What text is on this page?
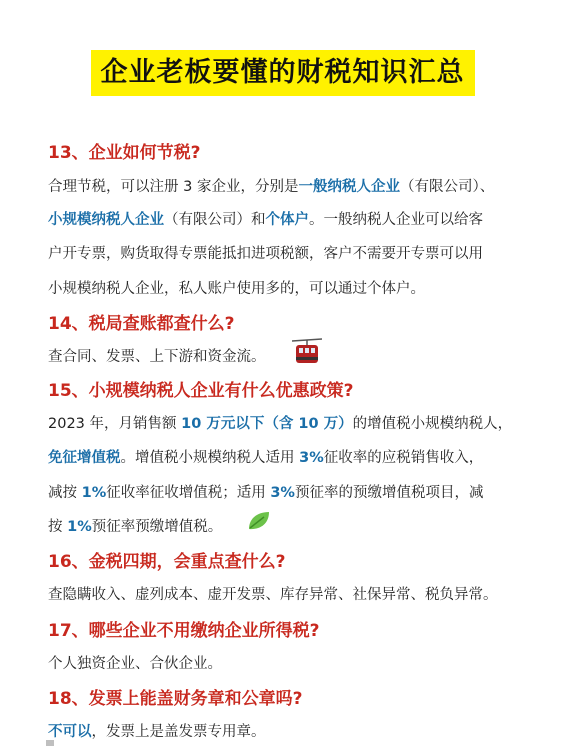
企业老板要懂的财税知识汇总
13、企业如何节税?
合理节税，可以注册 3 家企业，分别是一般纳税人企业（有限公司）、
小规模纳税人企业（有限公司）和个体户。一般纳税人企业可以给客
户开专票，购货取得专票能抵扣进项税额，客户不需要开专票可以用
小规模纳税人企业，私人账户使用多的，可以通过个体户。
14、税局查账都查什么?
查合同、发票、上下游和资金流。
15、小规模纳税人企业有什么优惠政策?
2023 年，月销售额 10 万元以下（含 10 万）的增值税小规模纳税人，
免征增值税。增值税小规模纳税人适用 3%征收率的应税销售收入，
减按 1%征收率征收增值税；适用 3%预征率的预缴增值税项目，减
按 1%预征率预缴增值税。
16、金税四期，会重点查什么?
查隐瞒收入、虚列成本、虚开发票、库存异常、社保异常、税负异常。
17、哪些企业不用缴纳企业所得税?
个人独资企业、合伙企业。
18、发票上能盖财务章和公章吗?
不可以，发票上是盖发票专用章。
